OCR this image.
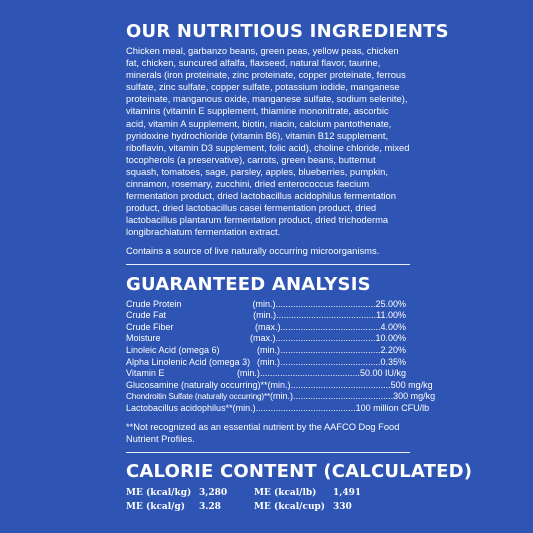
OUR NUTRITIOUS INGREDIENTS

Chicken meal, garbanzo beans, green peas, yellow peas, chicken fat, chicken, suncured alfalfa, flaxseed, natural flavor, taurine, minerals (iron proteinate, zinc proteinate, copper proteinate, ferrous sulfate, zinc sulfate, copper sulfate, potassium iodide, manganese proteinate, manganous oxide, manganese sulfate, sodium selenite), vitamins (vitamin E supplement, thiamine mononitrate, ascorbic acid, vitamin A supplement, biotin, niacin, calcium pantothenate, pyridoxine hydrochloride (vitamin B6), vitamin B12 supplement, riboflavin, vitamin D3 supplement, folic acid), choline chloride, mixed tocopherols (a preservative), carrots, green beans, butternut squash, tomatoes, sage, parsley, apples, blueberries, pumpkin, cinnamon, rosemary, zucchini, dried enterococcus faecium fermentation product, dried lactobacillus acidophilus fermentation product, dried lactobacillus casei fermentation product, dried lactobacillus plantarum fermentation product, dried trichoderma longibrachiatum fermentation extract.

Contains a source of live naturally occurring microorganisms.

GUARANTEED ANALYSIS
Crude Protein	(min.) ........................................25.00%
Crude Fat	(min.) ........................................11.00%
Crude Fiber	(max.) ........................................4.00%
Moisture	(max.) ........................................10.00%
Linoleic Acid (omega 6)	(min.) ........................................2.20%
Alpha Linolenic Acid (omega 3) (min.) ........................................0.35%
Vitamin E	(min.) ........................................50.00 IU/kg
Glucosamine (naturally occurring)** (min.) ........................................500 mg/kg
Chondroitin Sulfate (naturally occurring)** (min.) ........................................300 mg/kg
Lactobacillus acidophilus** (min.) ........................................100 million CFU/lb

**Not recognized as an essential nutrient by the AAFCO Dog Food Nutrient Profiles.

CALORIE CONTENT (CALCULATED)
ME (kcal/kg) 3,280	ME (kcal/lb)	1,491
ME (kcal/g)	3.28	ME (kcal/cup) 330
